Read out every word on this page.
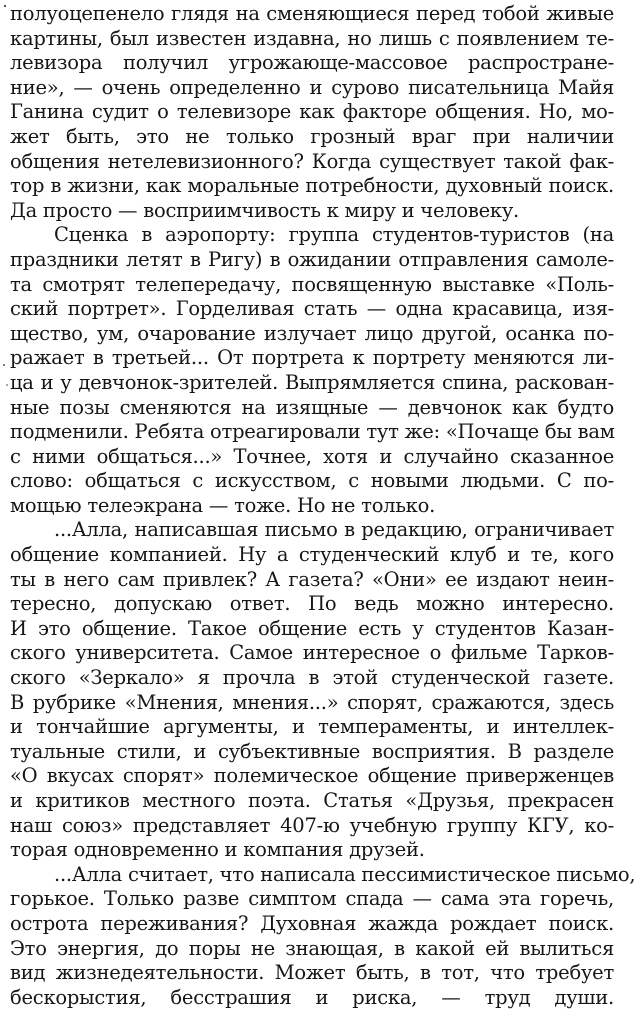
полуоцепенело глядя на сменяющиеся перед тобой живые
картины, был известен издавна, но лишь с появлением те-
левизора получил угрожающе-массовое распространe-
ние», — очень определенно и сурово писательница Майя
Ганина судит о телевизоре как факторе общения. Но, мо-
жет быть, это не только грозный враг при наличии
общения нетелевизионного? Когда существует такой фак-
тор в жизни, как моральные потребности, духовный поиск.
Да просто — восприимчивость к миру и человеку.
Сценка в аэропорту: группа студентов-туристов (на
праздники летят в Ригу) в ожидании отправления самоле-
та смотрят телепередачу, посвященную выставке «Поль-
ский портрет». Горделивая стать — одна красавица, изя-
щество, ум, очарование излучает лицо другой, осанка по-
ражает в третьей... От портрета к портрету меняются ли-
ца и у девчонок-зрителей. Выпрямляется спина, раскован-
ные позы сменяются на изящные — девчонок как будто
подменили. Ребята отреагировали тут же: «Почаще бы вам
с ними общаться...» Точнее, хотя и случайно сказанное
слово: общаться с искусством, с новыми людьми. С по-
мощью телеэкрана — тоже. Но не только.
...Алла, написавшая письмо в редакцию, ограничивает
общение компанией. Ну а студенческий клуб и те, кого
ты в него сам привлек? А газета? «Они» ее издают неин-
тересно, допускаю ответ. По ведь можно интересно.
И это общение. Такое общение есть у студентов Казан-
ского университета. Самое интересное о фильме Тарков-
ского «Зеркало» я прочла в этой студенческой газете.
В рубрике «Мнения, мнения...» спорят, сражаются, здесь
и тончайшие аргументы, и темпераменты, и интеллек-
туальные стили, и субъективные восприятия. В разделе
«О вкусах спорят» полемическое общение приверженцев
и критиков местного поэта. Статья «Друзья, прекрасен
наш союз» представляет 407-ю учебную группу КГУ, ко-
торая одновременно и компания друзей.
...Алла считает, что написала пессимистическое письмо,
горькое. Только разве симптом спада — сама эта горечь,
острота переживания? Духовная жажда рождает поиск.
Это энергия, до поры не знающая, в какой ей вылиться
вид жизнедеятельности. Может быть, в тот, что требует
бескорыстия, бесстрашия и риска, — труд души.
